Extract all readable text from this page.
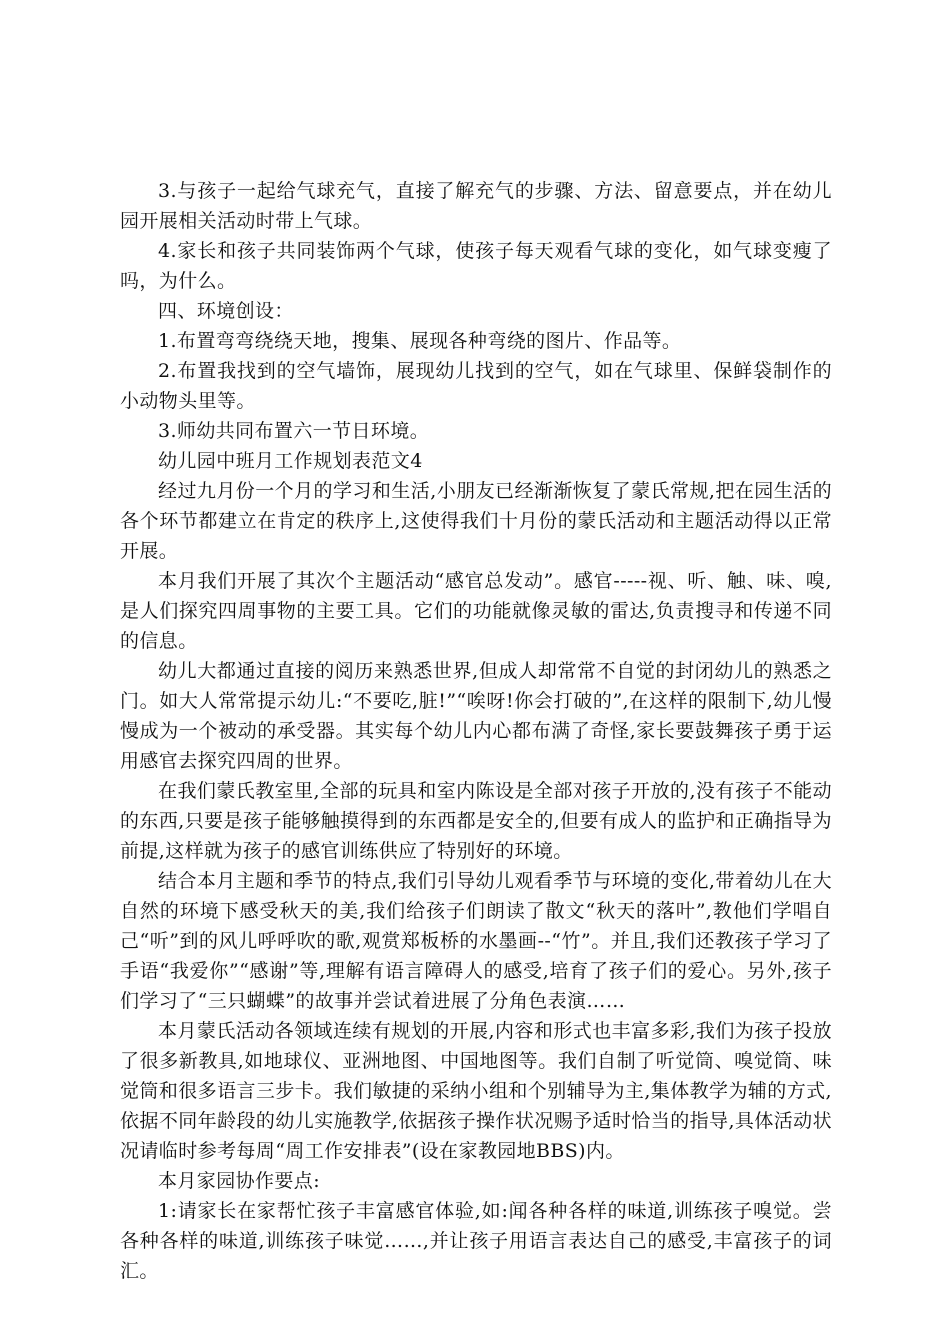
3.与孩子一起给气球充气，直接了解充气的步骤、方法、留意要点，并在幼儿园开展相关活动时带上气球。

4.家长和孩子共同装饰两个气球，使孩子每天观看气球的变化，如气球变瘦了吗，为什么。

四、环境创设：

1.布置弯弯绕绕天地，搜集、展现各种弯绕的图片、作品等。

2.布置我找到的空气墙饰，展现幼儿找到的空气，如在气球里、保鲜袋制作的小动物头里等。

3.师幼共同布置六一节日环境。

幼儿园中班月工作规划表范文4

经过九月份一个月的学习和生活,小朋友已经渐渐恢复了蒙氏常规,把在园生活的各个环节都建立在肯定的秩序上,这使得我们十月份的蒙氏活动和主题活动得以正常开展。

本月我们开展了其次个主题活动“感官总发动”。感官-----视、听、触、味、嗅,是人们探究四周事物的主要工具。它们的功能就像灵敏的雷达,负责搜寻和传递不同的信息。

幼儿大都通过直接的阅历来熟悉世界,但成人却常常不自觉的封闭幼儿的熟悉之门。如大人常常提示幼儿:“不要吃,脏!”“唉呀!你会打破的”,在这样的限制下,幼儿慢慢成为一个被动的承受器。其实每个幼儿内心都布满了奇怪,家长要鼓舞孩子勇于运用感官去探究四周的世界。

在我们蒙氏教室里,全部的玩具和室内陈设是全部对孩子开放的,没有孩子不能动的东西,只要是孩子能够触摸得到的东西都是安全的,但要有成人的监护和正确指导为前提,这样就为孩子的感官训练供应了特别好的环境。

结合本月主题和季节的特点,我们引导幼儿观看季节与环境的变化,带着幼儿在大自然的环境下感受秋天的美,我们给孩子们朗读了散文“秋天的落叶”,教他们学唱自己“听”到的风儿呼呼吹的歌,观赏郑板桥的水墨画--“竹”。并且,我们还教孩子学习了手语“我爱你”“感谢”等,理解有语言障碍人的感受,培育了孩子们的爱心。另外,孩子们学习了“三只蝴蝶”的故事并尝试着进展了分角色表演……

本月蒙氏活动各领域连续有规划的开展,内容和形式也丰富多彩,我们为孩子投放了很多新教具,如地球仪、亚洲地图、中国地图等。我们自制了听觉筒、嗅觉筒、味觉筒和很多语言三步卡。我们敏捷的采纳小组和个别辅导为主,集体教学为辅的方式,依据不同年龄段的幼儿实施教学,依据孩子操作状况赐予适时恰当的指导,具体活动状况请临时参考每周“周工作安排表”(设在家教园地BBS)内。

本月家园协作要点:

1:请家长在家帮忙孩子丰富感官体验,如:闻各种各样的味道,训练孩子嗅觉。尝各种各样的味道,训练孩子味觉……,并让孩子用语言表达自己的感受,丰富孩子的词汇。
